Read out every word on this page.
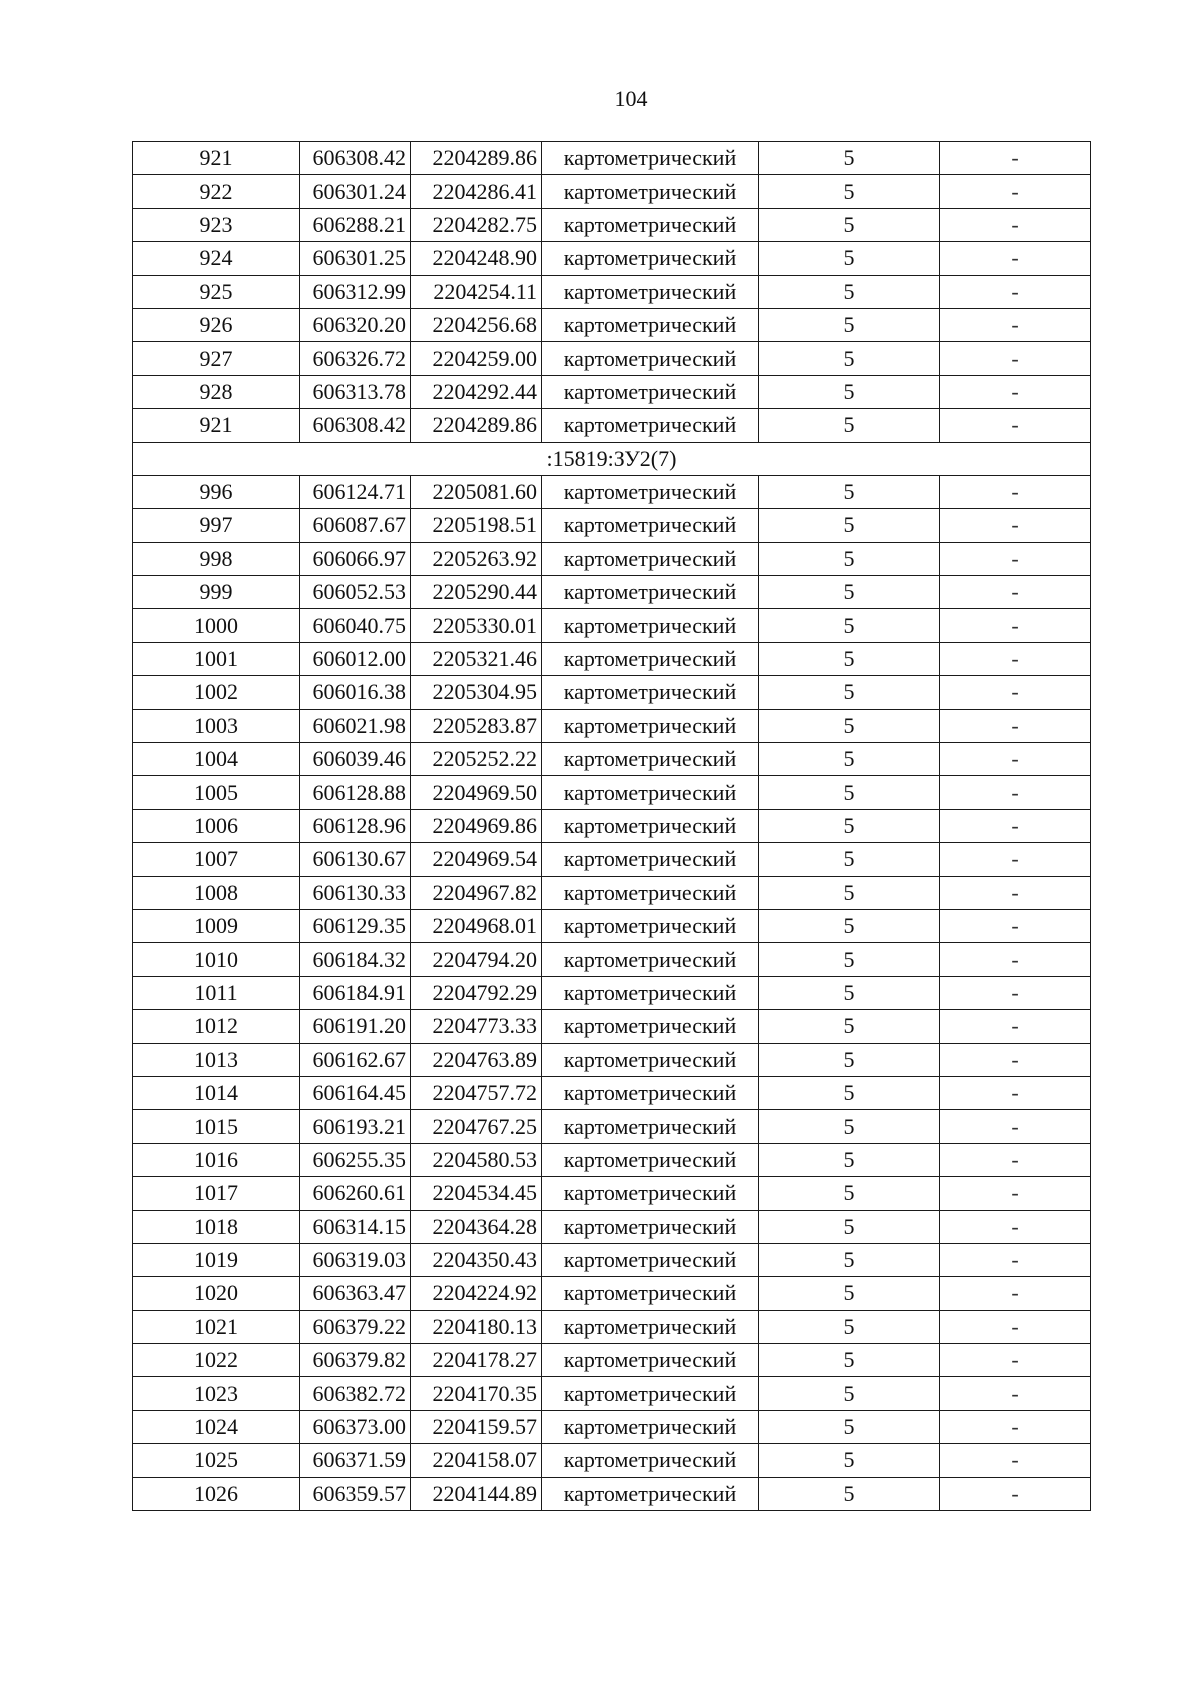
104
921	606308.42	2204289.86	картометрический	5	-
922	606301.24	2204286.41	картометрический	5	-
923	606288.21	2204282.75	картометрический	5	-
924	606301.25	2204248.90	картометрический	5	-
925	606312.99	2204254.11	картометрический	5	-
926	606320.20	2204256.68	картометрический	5	-
927	606326.72	2204259.00	картометрический	5	-
928	606313.78	2204292.44	картометрический	5	-
921	606308.42	2204289.86	картометрический	5	-
:15819:ЗУ2(7)					
996	606124.71	2205081.60	картометрический	5	-
997	606087.67	2205198.51	картометрический	5	-
998	606066.97	2205263.92	картометрический	5	-
999	606052.53	2205290.44	картометрический	5	-
1000	606040.75	2205330.01	картометрический	5	-
1001	606012.00	2205321.46	картометрический	5	-
1002	606016.38	2205304.95	картометрический	5	-
1003	606021.98	2205283.87	картометрический	5	-
1004	606039.46	2205252.22	картометрический	5	-
1005	606128.88	2204969.50	картометрический	5	-
1006	606128.96	2204969.86	картометрический	5	-
1007	606130.67	2204969.54	картометрический	5	-
1008	606130.33	2204967.82	картометрический	5	-
1009	606129.35	2204968.01	картометрический	5	-
1010	606184.32	2204794.20	картометрический	5	-
1011	606184.91	2204792.29	картометрический	5	-
1012	606191.20	2204773.33	картометрический	5	-
1013	606162.67	2204763.89	картометрический	5	-
1014	606164.45	2204757.72	картометрический	5	-
1015	606193.21	2204767.25	картометрический	5	-
1016	606255.35	2204580.53	картометрический	5	-
1017	606260.61	2204534.45	картометрический	5	-
1018	606314.15	2204364.28	картометрический	5	-
1019	606319.03	2204350.43	картометрический	5	-
1020	606363.47	2204224.92	картометрический	5	-
1021	606379.22	2204180.13	картометрический	5	-
1022	606379.82	2204178.27	картометрический	5	-
1023	606382.72	2204170.35	картометрический	5	-
1024	606373.00	2204159.57	картометрический	5	-
1025	606371.59	2204158.07	картометрический	5	-
1026	606359.57	2204144.89	картометрический	5	-
